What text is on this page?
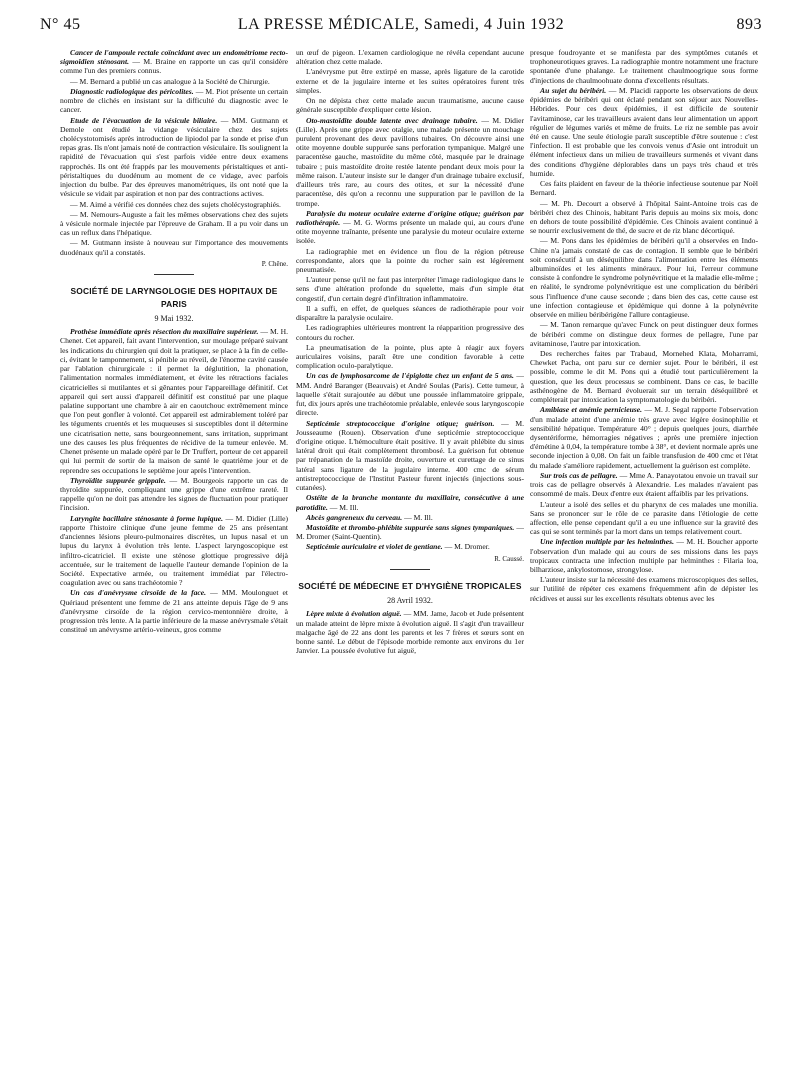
N° 45	LA PRESSE MÉDICALE, Samedi, 4 Juin 1932	893

Cancer de l'ampoule rectale coïncidant avec un endométriome recto-sigmoïdien sténosant. — M. Braine en rapporte un cas qu'il considère comme l'un des premiers connus.

— M. Bernard a publié un cas analogue à la Société de Chirurgie.

Diagnostic radiologique des péricolites. — M. Piot présente un certain nombre de clichés en insistant sur la difficulté du diagnostic avec le cancer.

Etude de l'évacuation de la vésicule biliaire. — MM. Gutmann et Demole ont étudié la vidange vésiculaire chez des sujets cholécystotomisés après introduction de lipiodol par la sonde et prise d'un repas gras. Ils n'ont jamais noté de contraction vésiculaire. Ils soulignent la rapidité de l'évacuation qui s'est parfois vidée entre deux examens rapprochés. Ils ont été frappés par les mouvements péristaltiques et anti-péristaltiques du duodénum au moment de ce vidage, avec parfois injection du bulbe. Par des épreuves manométriques, ils ont noté que la vésicule se vidait par aspiration et non par des contractions actives.

— M. Aimé a vérifié ces données chez des sujets cholécystographiés.

— M. Nemours-Auguste a fait les mêmes observations chez des sujets à vésicule normale injectée par l'épreuve de Graham. Il a pu voir dans un cas un reflux dans l'hépatique.

— M. Gutmann insiste à nouveau sur l'importance des mouvements duodénaux qu'il a constatés.

P. Chêne.
SOCIÉTÉ DE LARYNGOLOGIE DES HOPITAUX DE PARIS
9 Mai 1932.

Prothèse immédiate après résection du maxillaire supérieur. — M. H. Chenet. Cet appareil, fait avant l'intervention, sur moulage préparé suivant les indications du chirurgien qui doit la pratiquer, se place à la fin de celle-ci, évitant le tamponnement, si pénible au réveil, de l'énorme cavité causée par l'ablation chirurgicale : il permet la déglutition, la phonation, l'alimentation normales immédiatement, et évite les rétractions faciales cicatricielles si mutilantes et si gênantes pour l'appareillage définitif. Cet appareil qui sert aussi d'appareil définitif est constitué par une plaque palatine supportant une chambre à air en caoutchouc extrêmement mince que l'on peut gonfler à volonté. Cet appareil est admirablement toléré par les téguments cruentés et les muqueuses si susceptibles dont il détermine une cicatrisation nette, sans bourgeonnement, sans irritation, supprimant une des causes les plus fréquentes de récidive de la tumeur enlevée. M. Chenet présente un malade opéré par le Dr Truffert, porteur de cet appareil qui lui permit de sortir de la maison de santé le quatrième jour et de reprendre ses occupations le septième jour après l'intervention.

Thyroïdite suppurée grippale. — M. Bourgeois rapporte un cas de thyroïdite suppurée, compliquant une grippe d'une extrême rareté. Il rappelle qu'on ne doit pas attendre les signes de fluctuation pour pratiquer l'incision.

Laryngite bacillaire sténosante à forme lupique. — M. Didier (Lille) rapporte l'histoire clinique d'une jeune femme de 25 ans présentant d'anciennes lésions pleuro-pulmonaires discrètes, un lupus nasal et un lupus du larynx à évolution très lente. L'aspect laryngoscopique est infiltro-cicatriciel. Il existe une sténose glottique progressive déjà accentuée, sur le traitement de laquelle l'auteur demande l'opinion de la Société. Expectative armée, ou traitement immédiat par l'électro-coagulation avec ou sans trachéotomie ?

Un cas d'anévrysme cirsoïde de la face. — MM. Moulonguet et Quériaud présentent une femme de 21 ans atteinte depuis l'âge de 9 ans d'anévrysme cirsoïde de la région cervico-mentonnière droite, à progression très lente. A la partie inférieure de la masse anévrysmale s'était constitué un anévrysme artério-veineux, gros comme

un œuf de pigeon. L'examen cardiologique ne révéla cependant aucune altération chez cette malade.

L'anévrysme put être extirpé en masse, après ligature de la carotide externe et de la jugulaire interne et les suites opératoires furent très simples.

On ne dépista chez cette malade aucun traumatisme, aucune cause générale susceptible d'expliquer cette lésion.

Oto-mastoïdite double latente avec drainage tubaire. — M. Didier (Lille). Après une grippe avec otalgie, une malade présente un mouchage purulent provenant des deux pavillons tubaires. On découvre ainsi une otite moyenne double suppurée sans perforation tympanique. Malgré une paracentèse gauche, mastoïdite du même côté, masquée par le drainage tubaire ; puis mastoïdite droite restée latente pendant deux mois pour la même raison. L'auteur insiste sur le danger d'un drainage tubaire exclusif, d'ailleurs très rare, au cours des otites, et sur la nécessité d'une paracentèse, dès qu'on a reconnu une suppuration par le pavillon de la trompe.

Paralysie du moteur oculaire externe d'origine otique; guérison par radiothérapie. — M. G. Worms présente un malade qui, au cours d'une otite moyenne traînante, présente une paralysie du moteur oculaire externe isolée.

La radiographie met en évidence un flou de la région pétreuse correspondante, alors que la pointe du rocher sain est légèrement pneumatisée.

L'auteur pense qu'il ne faut pas interpréter l'image radiologique dans le sens d'une altération profonde du squelette, mais d'un simple état congestif, d'un certain degré d'infiltration inflammatoire.

Il a suffi, en effet, de quelques séances de radiothérapie pour voir disparaître la paralysie oculaire.

Les radiographies ultérieures montrent la réapparition progressive des contours du rocher.

La pneumatisation de la pointe, plus apte à réagir aux foyers auriculaires voisins, paraît être une condition favorable à cette complication oculo-paralytique.

Un cas de lymphosarcome de l'épiglotte chez un enfant de 5 ans. — MM. André Baranger (Beauvais) et André Soulas (Paris). Cette tumeur, à laquelle s'était surajoutée au début une poussée inflammatoire grippale, fut, dix jours après une trachéotomie préalable, enlevée sous laryngoscopie directe.

Septicémie streptococcique d'origine otique; guérison. — M. Jousseaume (Rouen). Observation d'une septicémie streptococcique d'origine otique. L'hémoculture était positive. Il y avait phlébite du sinus latéral droit qui était complètement thrombosé. La guérison fut obtenue par trépanation de la mastoïde droite, ouverture et curettage de ce sinus latéral sans ligature de la jugulaire interne. 400 cmc de sérum antistreptococcique de l'Institut Pasteur furent injectés (injections sous-cutanées).

Ostéite de la branche montante du maxillaire, consécutive à une parotidite. — M. Ill.

Abcès gangreneux du cerveau. — M. Ill.

Mastoïdite et thrombo-phlébite suppurée sans signes tympaniques. — M. Dromer (Saint-Quentin).

Septicémie auriculaire et violet de gentiane. — M. Dromer.

R. Caussé.
SOCIÉTÉ DE MÉDECINE ET D'HYGIÈNE TROPICALES
28 Avril 1932.

Lèpre mixte à évolution aiguë. — MM. Jame, Jacob et Jude présentent un malade atteint de lèpre mixte à évolution aiguë. Il s'agit d'un travailleur malgache âgé de 22 ans dont les parents et les 7 frères et sœurs sont en bonne santé. Le début de l'épisode morbide remonte aux environs du 1er Janvier. La poussée évolutive fut aiguë,

presque foudroyante et se manifesta par des symptômes cutanés et trophoneurotiques graves. La radiographie montre notamment une fracture spontanée d'une phalange. Le traitement chaulmoogrique sous forme d'injections de chaulmoohuate donna d'excellents résultats.

Au sujet du béribéri. — M. Placidi rapporte les observations de deux épidémies de béribéri qui ont éclaté pendant son séjour aux Nouvelles-Hébrides. Pour ces deux épidémies, il est difficile de soutenir l'avitaminose, car les travailleurs avaient dans leur alimentation un apport régulier de légumes variés et même de fruits. Le riz ne semble pas avoir été en cause. Une seule étiologie paraît susceptible d'être soutenue : c'est l'infection. Il est probable que les convois venus d'Asie ont introduit un élément infectieux dans un milieu de travailleurs surmenés et vivant dans des conditions d'hygiène déplorables dans un pays très chaud et très humide.

Ces faits plaident en faveur de la théorie infectieuse soutenue par Noël Bernard.

— M. Ph. Decourt a observé à l'hôpital Saint-Antoine trois cas de béribéri chez des Chinois, habitant Paris depuis au moins six mois, donc en dehors de toute possibilité d'épidémie. Ces Chinois avaient continué à se nourrir exclusivement de thé, de sucre et de riz blanc décortiqué.

— M. Pons dans les épidémies de béribéri qu'il a observées en Indo-Chine n'a jamais constaté de cas de contagion. Il semble que le béribéri soit consécutif à un déséquilibre dans l'alimentation entre les éléments albuminoïdes et les aliments minéraux. Pour lui, l'erreur commune consiste à confondre le syndrome polynévritique et la maladie elle-même ; en réalité, le syndrome polynévritique est une complication du béribéri sous l'influence d'une cause seconde ; dans bien des cas, cette cause est une infection contagieuse et épidémique qui donne à la polynévrite observée en milieu béribérigène l'allure contagieuse.

— M. Tanon remarque qu'avec Funck on peut distinguer deux formes de béribéri comme on distingue deux formes de pellagre, l'une par avitaminose, l'autre par intoxication.

Des recherches faites par Trabaud, Mornehed Klata, Moharrami, Chewket Pacha, ont paru sur ce dernier sujet. Pour le béribéri, il est possible, comme le dit M. Pons qui a étudié tout particulièrement la question, que les deux processus se combinent. Dans ce cas, le bacille asthénogène de M. Bernard évoluerait sur un terrain déséquilibré et compléterait par intoxication la symptomatologie du béribéri.

Amibiase et anémie pernicieuse. — M. J. Segal rapporte l'observation d'un malade atteint d'une anémie très grave avec légère éosinophilie et sensibilité hépatique. Température 40° ; depuis quelques jours, diarrhée dysentériforme, hémorragies négatives ; après une première injection d'émétine à 0,04, la température tombe à 38°, et devient normale après une seconde injection à 0,08. On fait un faible transfusion de 400 cmc et l'état du malade s'améliore rapidement, actuellement la guérison est complète.

Sur trois cas de pellagre. — Mme A. Panayotatou envoie un travail sur trois cas de pellagre observés à Alexandrie. Les malades n'avaient pas consommé de maïs. Deux d'entre eux étaient affaiblis par les privations.

L'auteur a isolé des selles et du pharynx de ces malades une monilia. Sans se prononcer sur le rôle de ce parasite dans l'étiologie de cette affection, elle pense cependant qu'il a eu une influence sur la gravité des cas qui se sont terminés par la mort dans un temps relativement court.

Une infection multiple par les helminthes. — M. H. Boucher apporte l'observation d'un malade qui au cours de ses missions dans les pays tropicaux contracta une infection multiple par helminthes : Filaria loa, bilharziose, ankylostomose, strongylose.

L'auteur insiste sur la nécessité des examens microscopiques des selles, sur l'utilité de répéter ces examens fréquemment afin de dépister les récidives et aussi sur les excellents résultats obtenus avec les
